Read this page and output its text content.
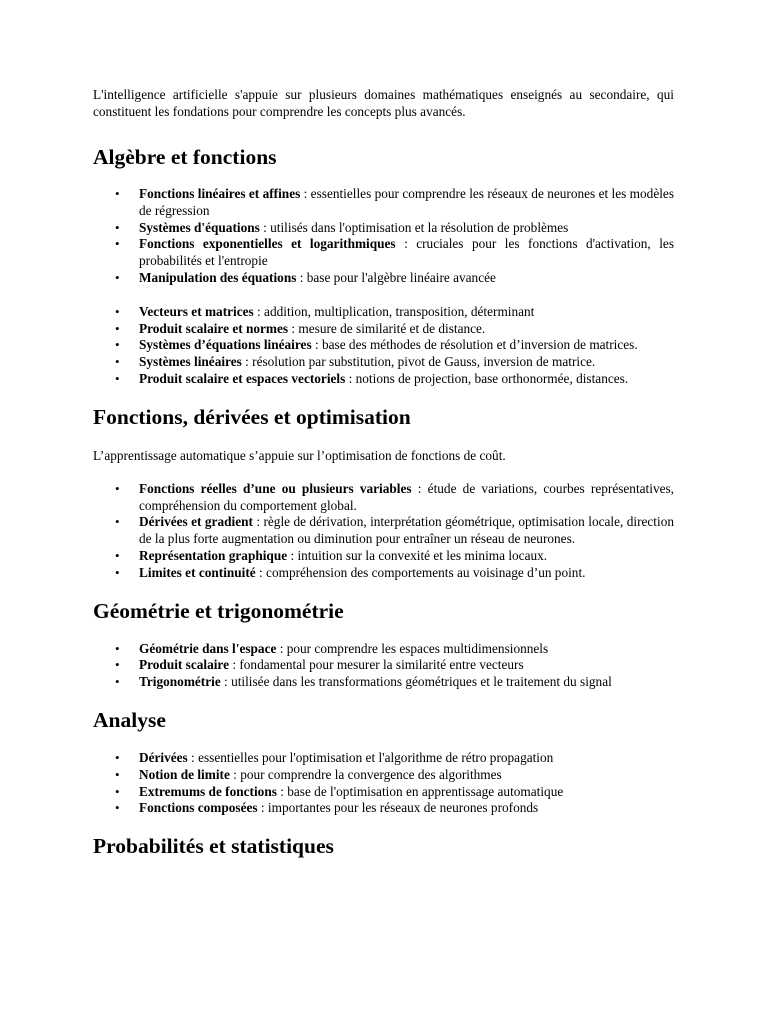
L'intelligence artificielle s'appuie sur plusieurs domaines mathématiques enseignés au secondaire, qui constituent les fondations pour comprendre les concepts plus avancés.

Algèbre et fonctions
• Fonctions linéaires et affines : essentielles pour comprendre les réseaux de neurones et les modèles de régression
• Systèmes d'équations : utilisés dans l'optimisation et la résolution de problèmes
• Fonctions exponentielles et logarithmiques : cruciales pour les fonctions d'activation, les probabilités et l'entropie
• Manipulation des équations : base pour l'algèbre linéaire avancée
• Vecteurs et matrices : addition, multiplication, transposition, déterminant
• Produit scalaire et normes : mesure de similarité et de distance.
• Systèmes d’équations linéaires : base des méthodes de résolution et d’inversion de matrices.
• Systèmes linéaires : résolution par substitution, pivot de Gauss, inversion de matrice.
• Produit scalaire et espaces vectoriels : notions de projection, base orthonormée, distances.
Fonctions, dérivées et optimisation

L’apprentissage automatique s’appuie sur l’optimisation de fonctions de coût.

• Fonctions réelles d’une ou plusieurs variables : étude de variations, courbes représentatives, compréhension du comportement global.
• Dérivées et gradient : règle de dérivation, interprétation géométrique, optimisation locale, direction de la plus forte augmentation ou diminution pour entraîner un réseau de neurones.
• Représentation graphique : intuition sur la convexité et les minima locaux.
• Limites et continuité : compréhension des comportements au voisinage d’un point.
Géométrie et trigonométrie
• Géométrie dans l'espace : pour comprendre les espaces multidimensionnels
• Produit scalaire : fondamental pour mesurer la similarité entre vecteurs
• Trigonométrie : utilisée dans les transformations géométriques et le traitement du signal
Analyse
• Dérivées : essentielles pour l'optimisation et l'algorithme de rétro propagation
• Notion de limite : pour comprendre la convergence des algorithmes
• Extremums de fonctions : base de l'optimisation en apprentissage automatique
• Fonctions composées : importantes pour les réseaux de neurones profonds
Probabilités et statistiques
